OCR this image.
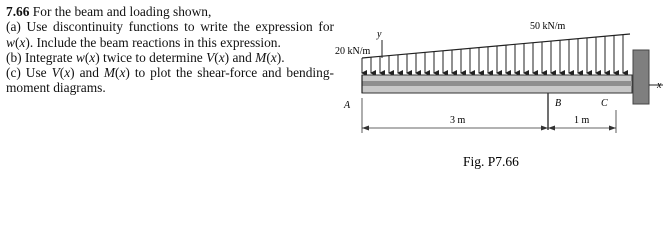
7.66 For the beam and loading shown,

(a) Use discontinuity functions to write the expression for w(x). Include the beam reactions in this expression.

(b) Integrate w(x) twice to determine V(x) and M(x).

(c) Use V(x) and M(x) to plot the shear-force and bending-moment diagrams.

y
20 kN/m
50 kN/m
x
A	B	C
3 m	1 m
Fig. P7.66
